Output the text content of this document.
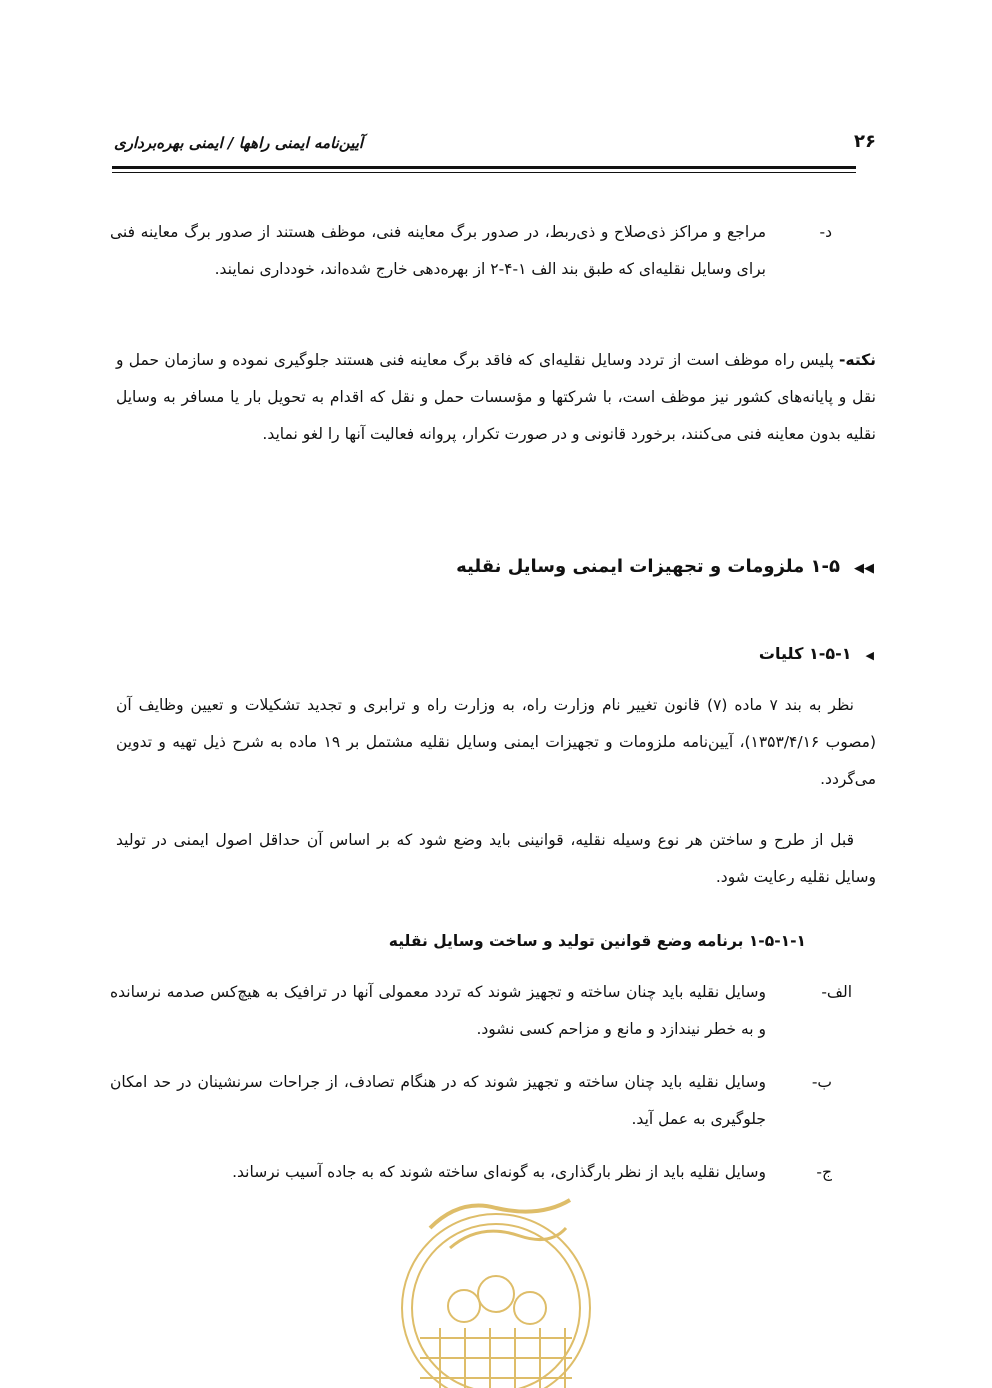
۲۶
آیین‌نامه ایمنی راهها / ایمنی بهره‌برداری
د-
مراجع و مراکز ذی‌صلاح و ذی‌ربط، در صدور برگ معاینه فنی، موظف هستند از صدور برگ معاینه فنی برای وسایل نقلیه‌ای که طبق بند الف ۱-۴-۲ از بهره‌دهی خارج شده‌اند، خودداری نمایند.
نکته- پلیس راه موظف است از تردد وسایل نقلیه‌ای که فاقد برگ معاینه فنی هستند جلوگیری نموده و سازمان حمل و نقل و پایانه‌های کشور نیز موظف است، با شرکتها و مؤسسات حمل و نقل که اقدام به تحویل بار یا مسافر به وسایل نقلیه بدون معاینه فنی می‌کنند، برخورد قانونی و در صورت تکرار، پروانه فعالیت آنها را لغو نماید.
◀◀۱-۵ ملزومات و تجهیزات ایمنی وسایل نقلیه
◀۱-۵-۱ کلیات
نظر به بند ۷ ماده (۷) قانون تغییر نام وزارت راه، به وزارت راه و ترابری و تجدید تشکیلات و تعیین وظایف آن (مصوب ۱۳۵۳/۴/۱۶)، آیین‌نامه ملزومات و تجهیزات ایمنی وسایل نقلیه مشتمل بر ۱۹ ماده به شرح ذیل تهیه و تدوین می‌گردد.
قبل از طرح و ساختن هر نوع وسیله نقلیه، قوانینی باید وضع شود که بر اساس آن حداقل اصول ایمنی در تولید وسایل نقلیه رعایت شود.
۱-۵-۱-۱ برنامه وضع قوانین تولید و ساخت وسایل نقلیه
الف-
وسایل نقلیه باید چنان ساخته و تجهیز شوند که تردد معمولی آنها در ترافیک به هیچ‌کس صدمه نرسانده و به خطر نیندازد و مانع و مزاحم کسی نشود.
ب-
وسایل نقلیه باید چنان ساخته و تجهیز شوند که در هنگام تصادف، از جراحات سرنشینان در حد امکان جلوگیری به عمل آید.
ج-
وسایل نقلیه باید از نظر بارگذاری، به گونه‌ای ساخته شوند که به جاده آسیب نرساند.
